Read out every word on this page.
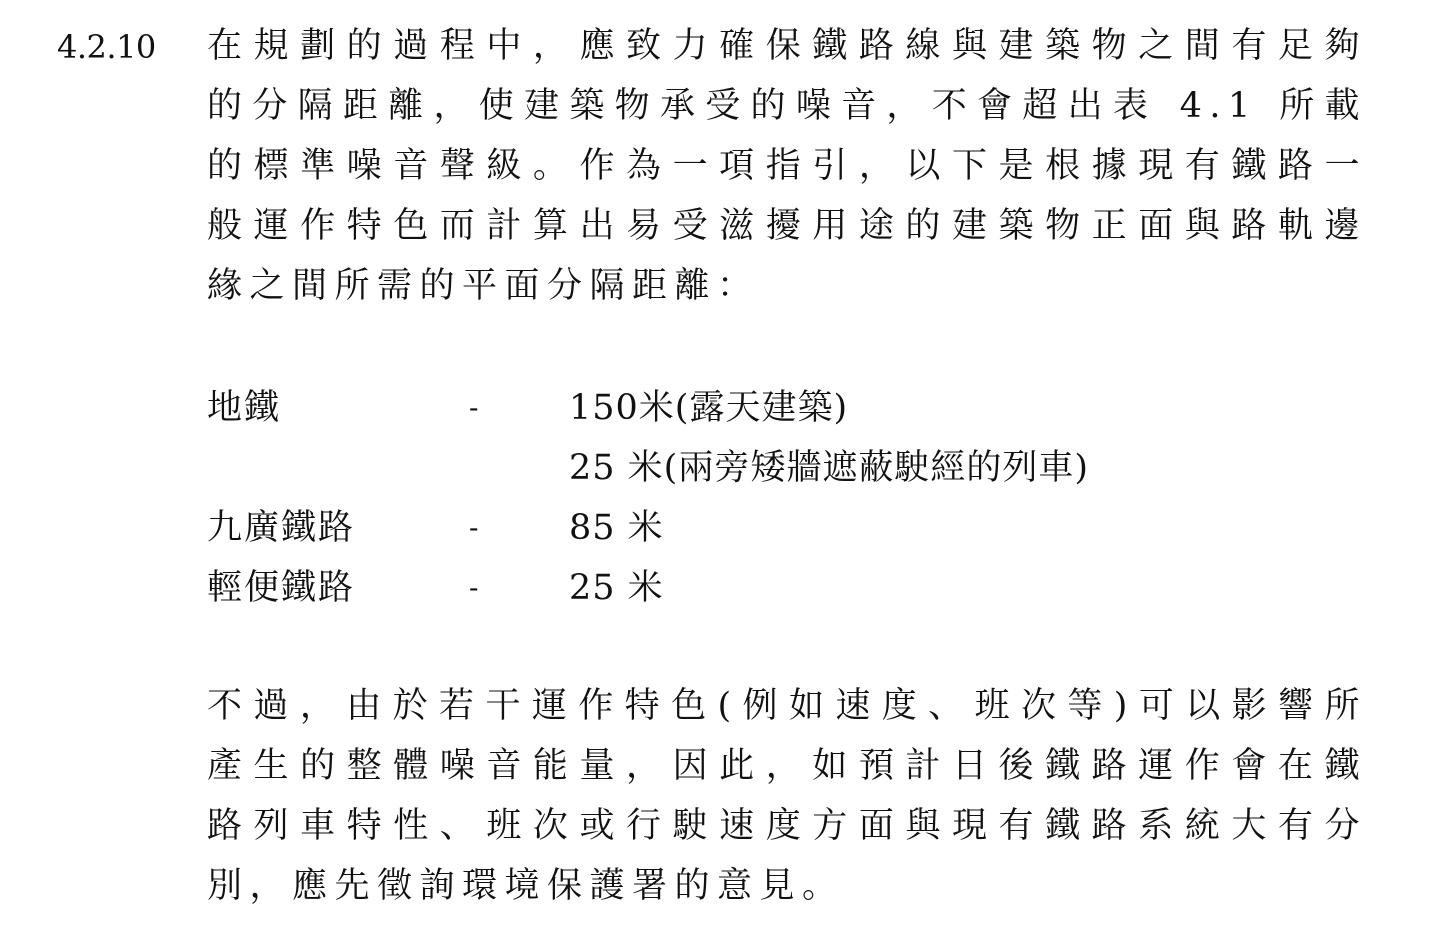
4.2.10 在規劃的過程中，應致力確保鐵路線與建築物之間有足夠
的分隔距離，使建築物承受的噪音，不會超出表 4.1 所載
的標準噪音聲級。作為一項指引，以下是根據現有鐵路一
般運作特色而計算出易受滋擾用途的建築物正面與路軌邊
緣之間所需的平面分隔距離：
地鐵	-	150米(露天建築)
25 米(兩旁矮牆遮蔽駛經的列車)
九廣鐵路	-	85 米
輕便鐵路	-	25 米
不過，由於若干運作特色(例如速度、班次等)可以影響所
產生的整體噪音能量，因此，如預計日後鐵路運作會在鐵
路列車特性、班次或行駛速度方面與現有鐵路系統大有分
別，應先徵詢環境保護署的意見。
